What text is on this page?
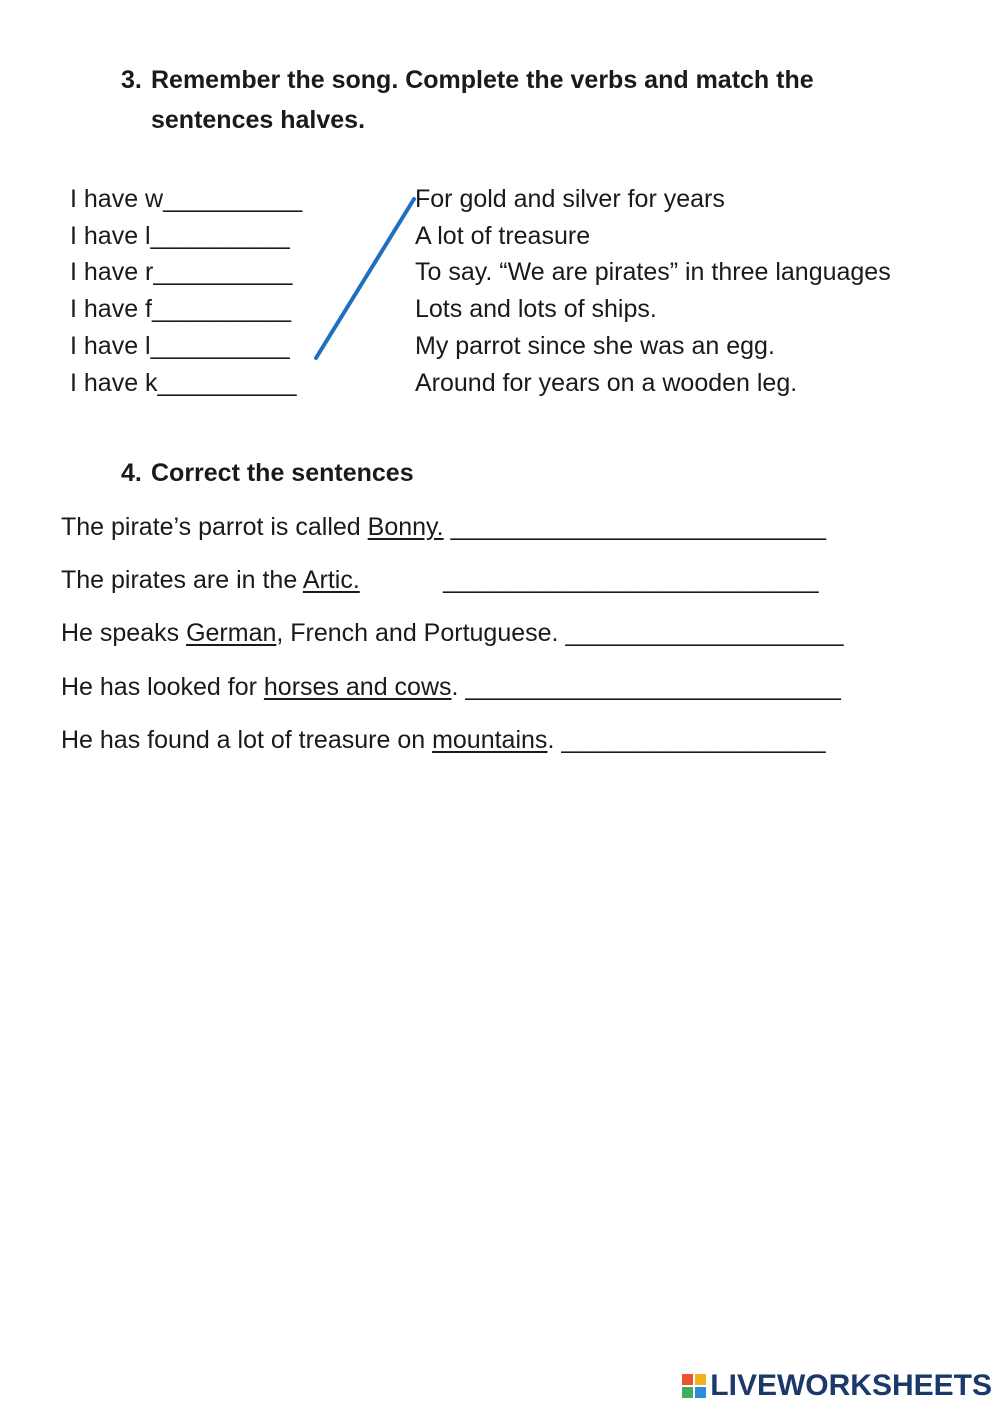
3. Remember the song. Complete the verbs and match the sentences halves.
I have w__________
I have l__________
I have r__________
I have f__________
I have l__________
I have k__________
For gold and silver for years
A lot of treasure
To say. “We are pirates” in three languages
Lots and lots of ships.
My parrot since she was an egg.
Around for years on a wooden leg.
4. Correct the sentences
The pirate’s parrot is called Bonny. ___________________________
The pirates are in the Artic.            ___________________________
He speaks German, French and Portuguese. ____________________
He has looked for horses and cows. ___________________________
He has found a lot of treasure on mountains. ___________________
LIVEWORKSHEETS
